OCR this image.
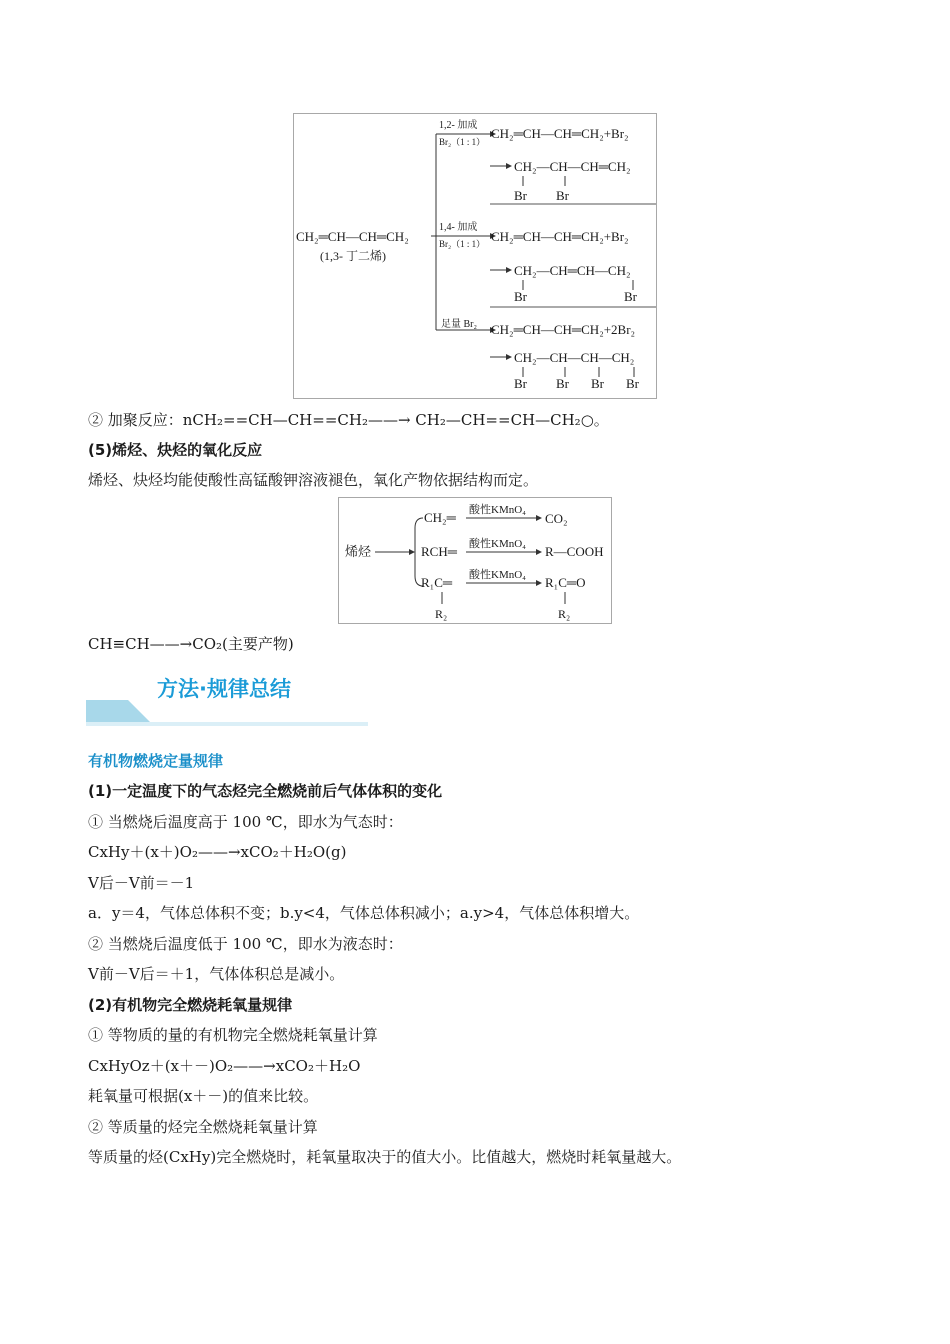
CH₂═CH—CH═CH₂
(1,3- 丁二烯)
1,2- 加成
Br₂（1 : 1）
CH₂═CH—CH═CH₂+Br₂
CH₂—CH—CH═CH₂
Br Br
1,4- 加成
Br₂（1 : 1） CH₂═CH—CH═CH₂+Br₂
CH₂—CH═CH—CH₂
Br	Br
足量 Br₂ CH₂═CH—CH═CH₂+2Br₂
CH₂—CH—CH—CH₂
Br Br Br Br
② 加聚反应：nCH₂==CH—CH==CH₂——→ CH₂—CH==CH—CH₂○。
(5)烯烃、炔烃的氧化反应
烯烃、炔烃均能使酸性高锰酸钾溶液褪色，氧化产物依据结构而定。
烯烃
CH₂═ 酸性KMnO₄
CO₂
RCH═ 酸性KMnO₄ R—COOH
R₁C═ 酸性KMnO₄ R₁C═O
R₂	R₂
CH≡CH——→CO₂(主要产物)
方法·规律总结
有机物燃烧定量规律
(1)一定温度下的气态烃完全燃烧前后气体体积的变化
① 当燃烧后温度高于 100 ℃，即水为气态时：
CxHy＋(x＋)O₂——→xCO₂＋H₂O(g)
V后－V前＝－1
a．y＝4，气体总体积不变；b.y<4，气体总体积减小；a.y>4，气体总体积增大。
② 当燃烧后温度低于 100 ℃，即水为液态时：
V前－V后＝＋1，气体体积总是减小。
(2)有机物完全燃烧耗氧量规律
① 等物质的量的有机物完全燃烧耗氧量计算
CxHyOz＋(x＋－)O₂——→xCO₂＋H₂O
耗氧量可根据(x＋－)的值来比较。
② 等质量的烃完全燃烧耗氧量计算
等质量的烃(CxHy)完全燃烧时，耗氧量取决于的值大小。比值越大，燃烧时耗氧量越大。
